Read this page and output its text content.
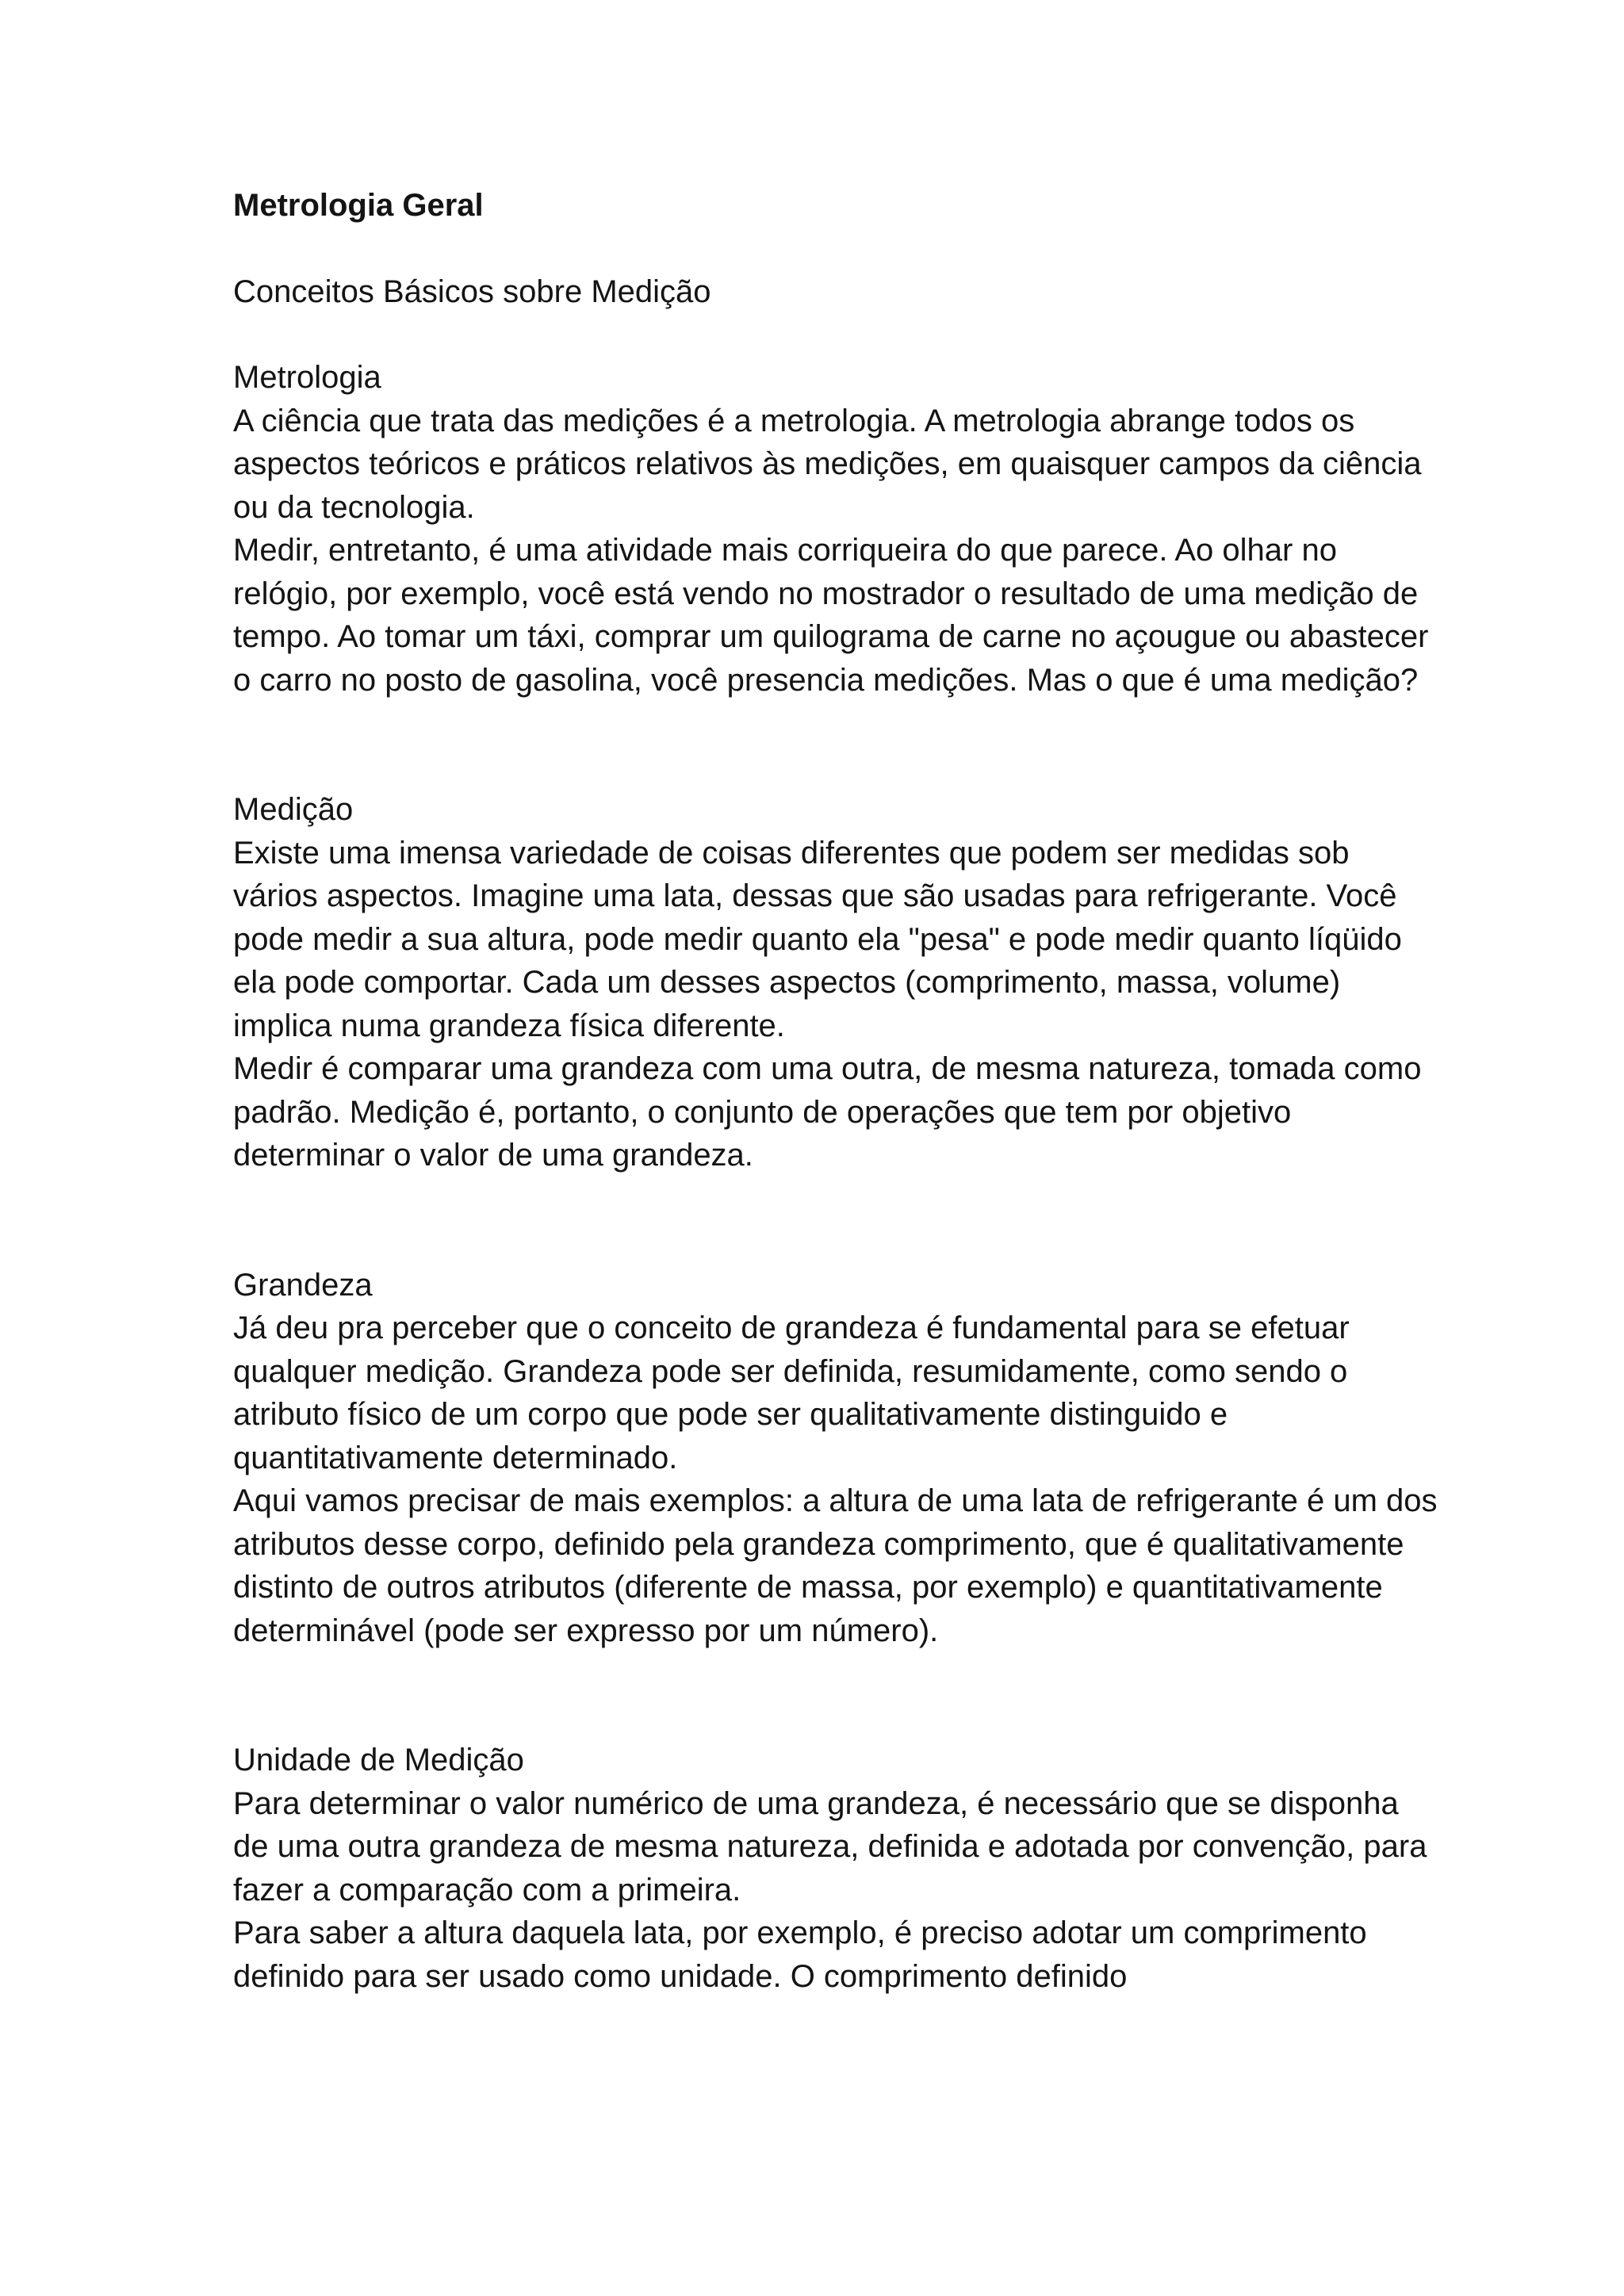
Metrologia Geral

Conceitos Básicos sobre Medição

Metrologia
A ciência que trata das medições é a metrologia. A metrologia abrange todos os aspectos teóricos e práticos relativos às medições, em quaisquer campos da ciência ou da tecnologia.
Medir, entretanto, é uma atividade mais corriqueira do que parece. Ao olhar no relógio, por exemplo, você está vendo no mostrador o resultado de uma medição de tempo. Ao tomar um táxi, comprar um quilograma de carne no açougue ou abastecer o carro no posto de gasolina, você presencia medições. Mas o que é uma medição?
Medição
Existe uma imensa variedade de coisas diferentes que podem ser medidas sob vários aspectos. Imagine uma lata, dessas que são usadas para refrigerante. Você pode medir a sua altura, pode medir quanto ela "pesa" e pode medir quanto líqüido ela pode comportar. Cada um desses aspectos (comprimento, massa, volume) implica numa grandeza física diferente.
Medir é comparar uma grandeza com uma outra, de mesma natureza, tomada como padrão. Medição é, portanto, o conjunto de operações que tem por objetivo determinar o valor de uma grandeza.
Grandeza
Já deu pra perceber que o conceito de grandeza é fundamental para se efetuar qualquer medição. Grandeza pode ser definida, resumidamente, como sendo o atributo físico de um corpo que pode ser qualitativamente distinguido e quantitativamente determinado.
Aqui vamos precisar de mais exemplos: a altura de uma lata de refrigerante é um dos atributos desse corpo, definido pela grandeza comprimento, que é qualitativamente distinto de outros atributos (diferente de massa, por exemplo) e quantitativamente determinável (pode ser expresso por um número).
Unidade de Medição
Para determinar o valor numérico de uma grandeza, é necessário que se disponha de uma outra grandeza de mesma natureza, definida e adotada por convenção, para fazer a comparação com a primeira.
Para saber a altura daquela lata, por exemplo, é preciso adotar um comprimento definido para ser usado como unidade. O comprimento definido
